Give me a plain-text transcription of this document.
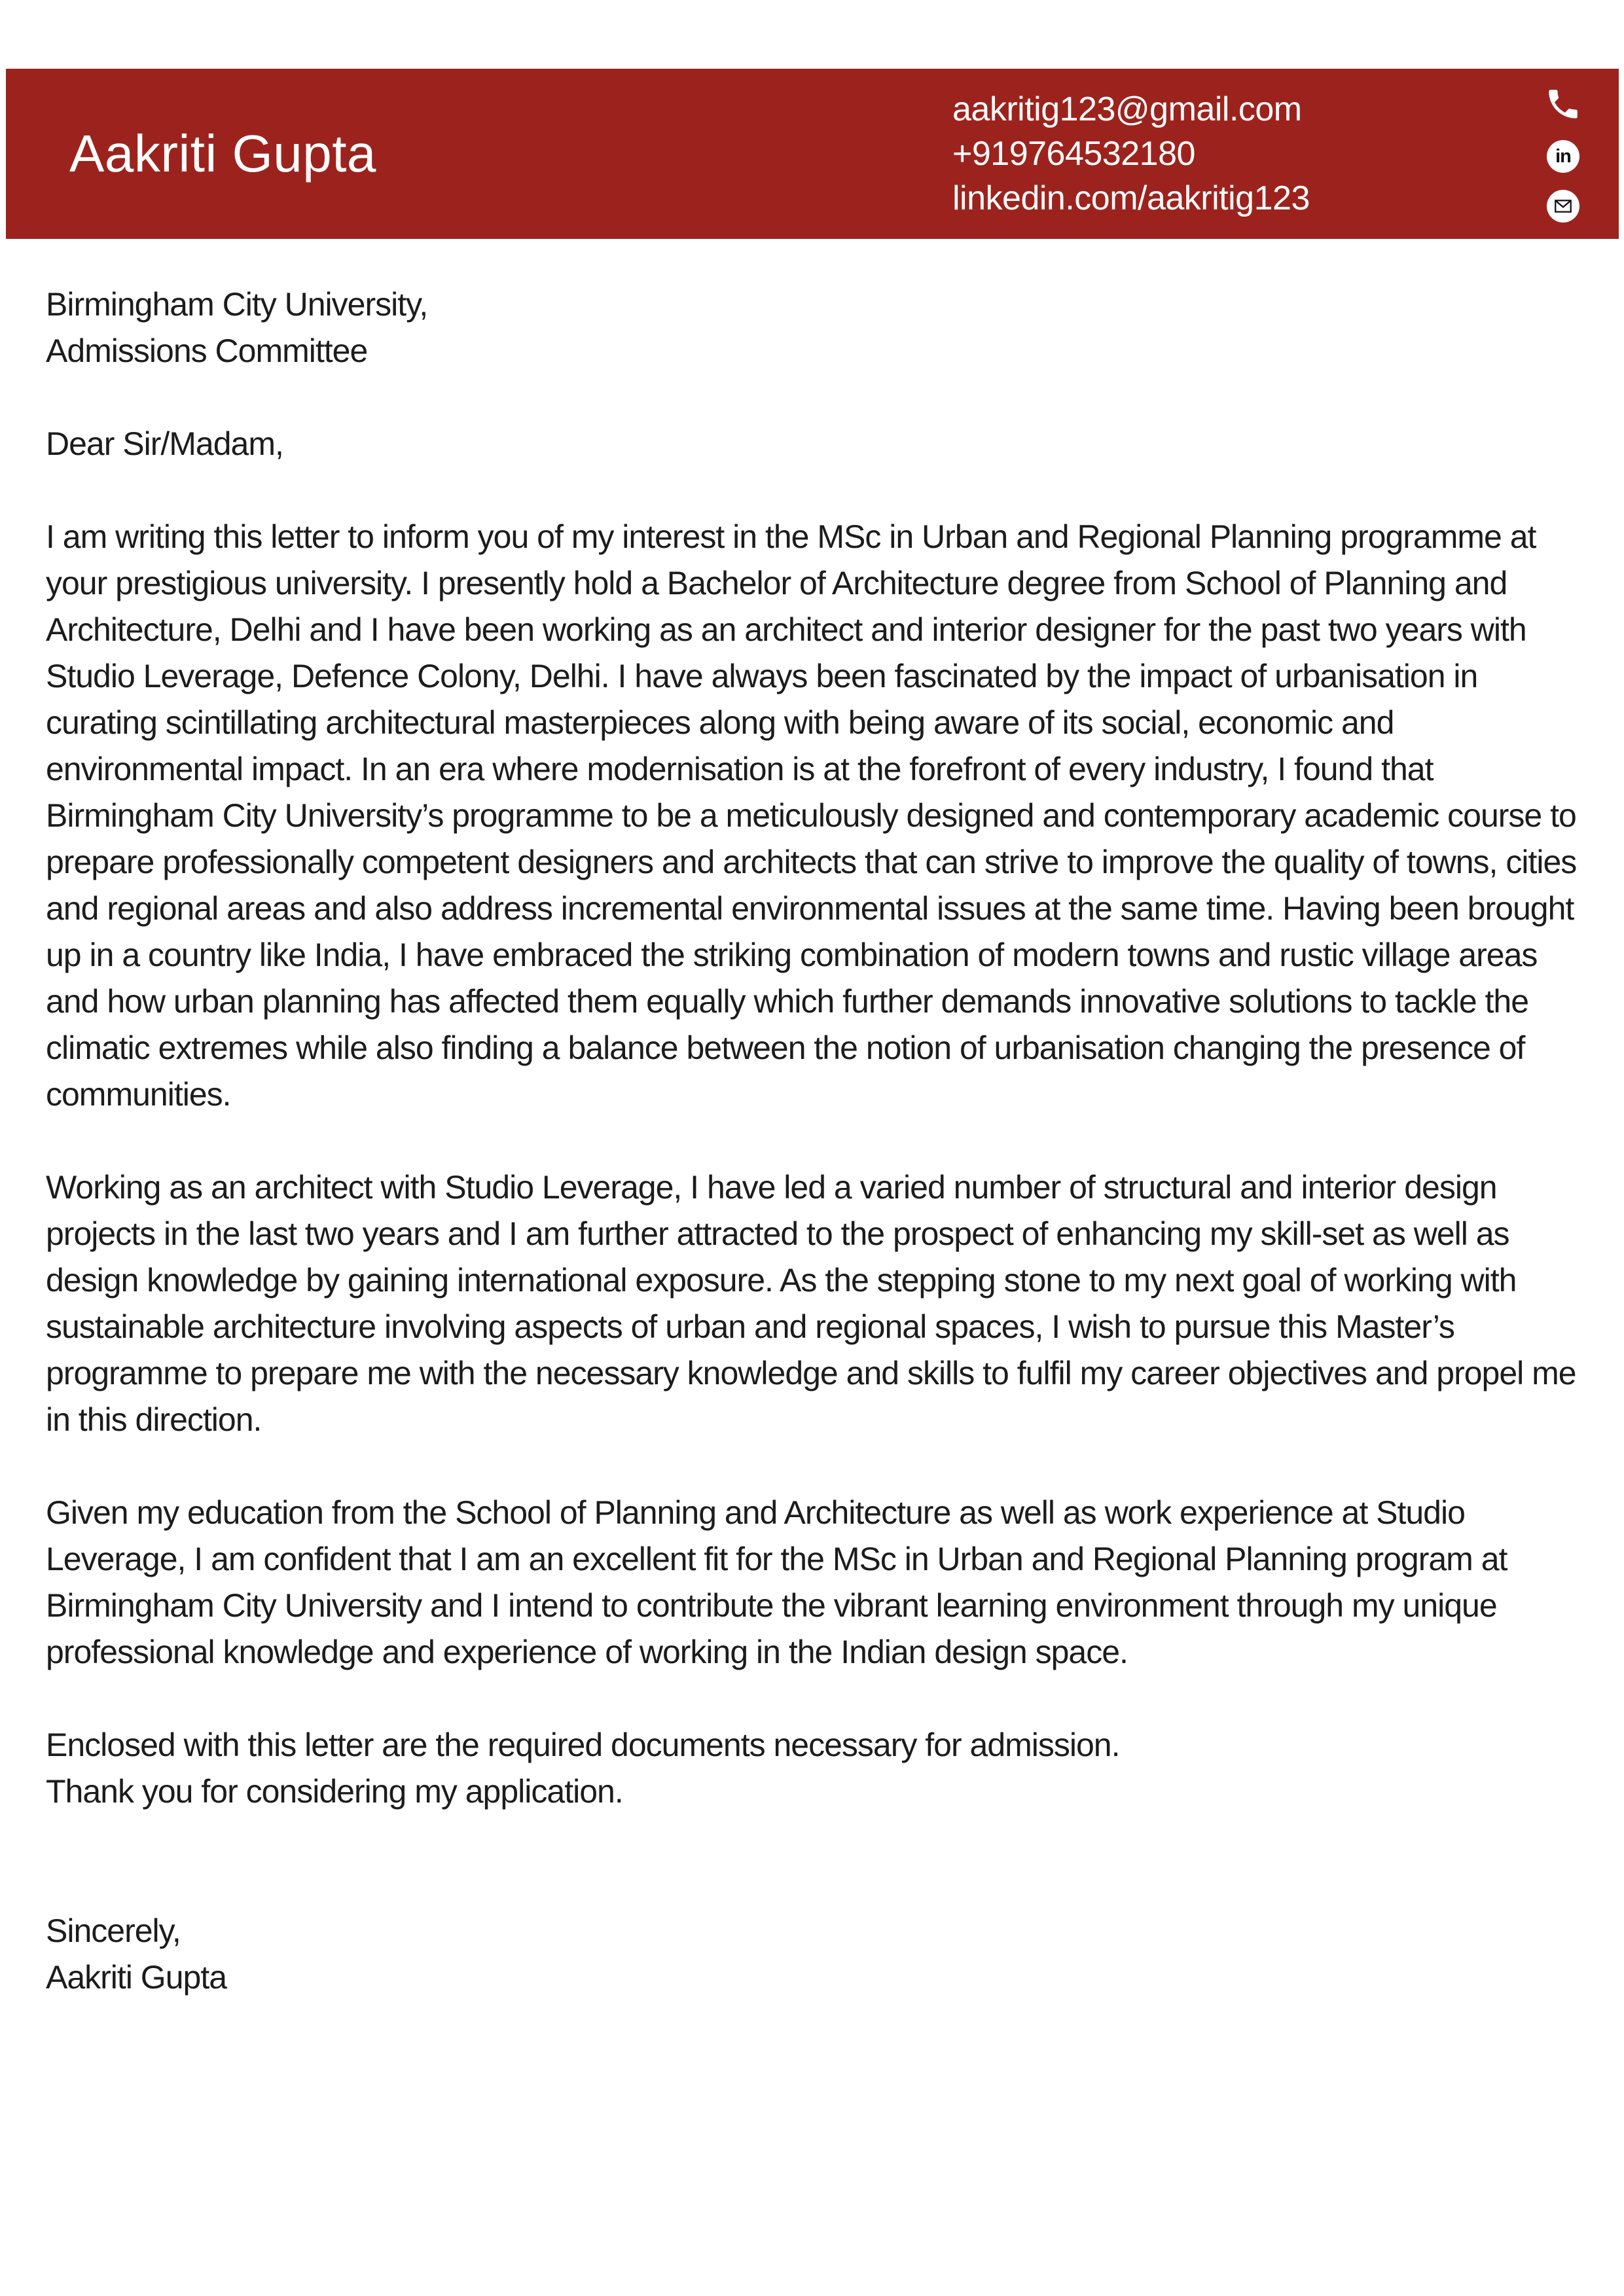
Aakriti Gupta
aakritig123@gmail.com
+919764532180
linkedin.com/aakritig123
in
Birmingham City University,
Admissions Committee

Dear Sir/Madam,

I am writing this letter to inform you of my interest in the MSc in Urban and Regional Planning programme at your prestigious university. I presently hold a Bachelor of Architecture degree from School of Planning and Architecture, Delhi and I have been working as an architect and interior designer for the past two years with Studio Leverage, Defence Colony, Delhi. I have always been fascinated by the impact of urbanisation in curating scintillating architectural masterpieces along with being aware of its social, economic and environmental impact. In an era where modernisation is at the forefront of every industry, I found that Birmingham City University’s programme to be a meticulously designed and contemporary academic course to prepare professionally competent designers and architects that can strive to improve the quality of towns, cities and regional areas and also address incremental environmental issues at the same time. Having been brought up in a country like India, I have embraced the striking combination of modern towns and rustic village areas and how urban planning has affected them equally which further demands innovative solutions to tackle the climatic extremes while also finding a balance between the notion of urbanisation changing the presence of communities.

Working as an architect with Studio Leverage, I have led a varied number of structural and interior design projects in the last two years and I am further attracted to the prospect of enhancing my skill-set as well as design knowledge by gaining international exposure. As the stepping stone to my next goal of working with sustainable architecture involving aspects of urban and regional spaces, I wish to pursue this Master’s programme to prepare me with the necessary knowledge and skills to fulfil my career objectives and propel me in this direction.

Given my education from the School of Planning and Architecture as well as work experience at Studio Leverage, I am confident that I am an excellent fit for the MSc in Urban and Regional Planning program at Birmingham City University and I intend to contribute the vibrant learning environment through my unique professional knowledge and experience of working in the Indian design space.

Enclosed with this letter are the required documents necessary for admission.
Thank you for considering my application.
Sincerely,
Aakriti Gupta
